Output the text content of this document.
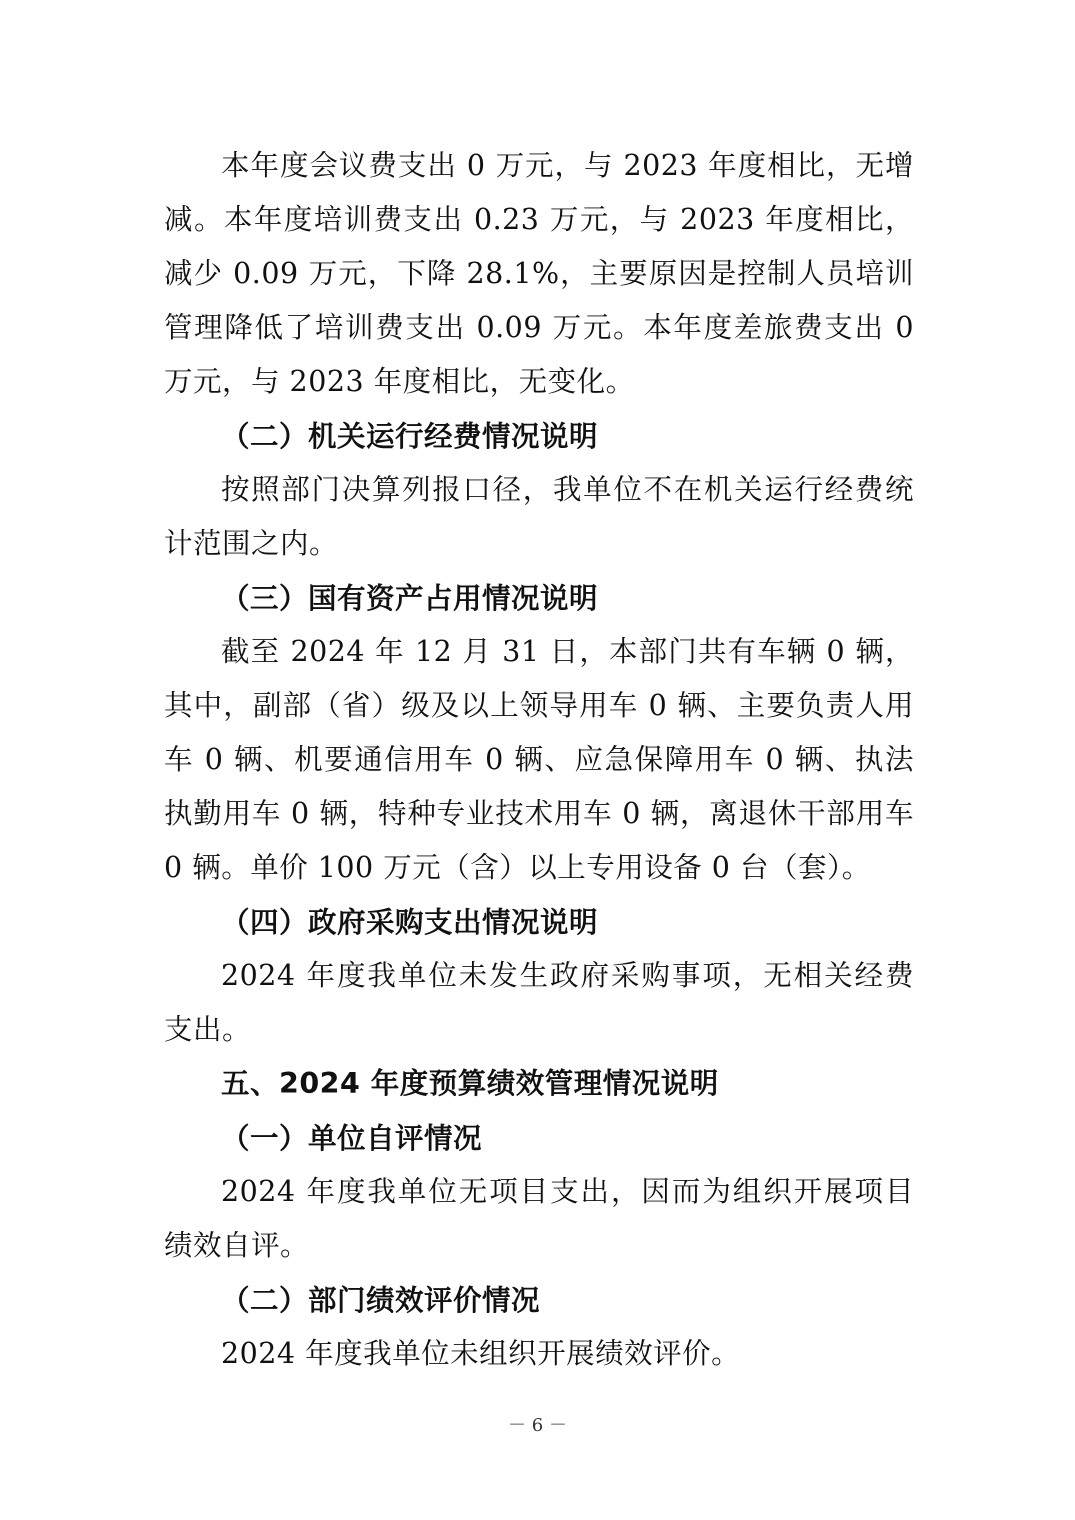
本年度会议费支出 0 万元，与 2023 年度相比，无增减。本年度培训费支出 0.23 万元，与 2023 年度相比，减少 0.09 万元，下降 28.1%，主要原因是控制人员培训管理降低了培训费支出 0.09 万元。本年度差旅费支出 0 万元，与 2023 年度相比，无变化。

（二）机关运行经费情况说明

按照部门决算列报口径，我单位不在机关运行经费统计范围之内。

（三）国有资产占用情况说明

截至 2024 年 12 月 31 日，本部门共有车辆 0 辆，其中，副部（省）级及以上领导用车 0 辆、主要负责人用车 0 辆、机要通信用车 0 辆、应急保障用车 0 辆、执法执勤用车 0 辆，特种专业技术用车 0 辆，离退休干部用车 0 辆。单价 100 万元（含）以上专用设备 0 台（套）。

（四）政府采购支出情况说明

2024 年度我单位未发生政府采购事项，无相关经费支出。

五、2024 年度预算绩效管理情况说明

（一）单位自评情况

2024 年度我单位无项目支出，因而为组织开展项目绩效自评。

（二）部门绩效评价情况

2024 年度我单位未组织开展绩效评价。

－ 6 －
